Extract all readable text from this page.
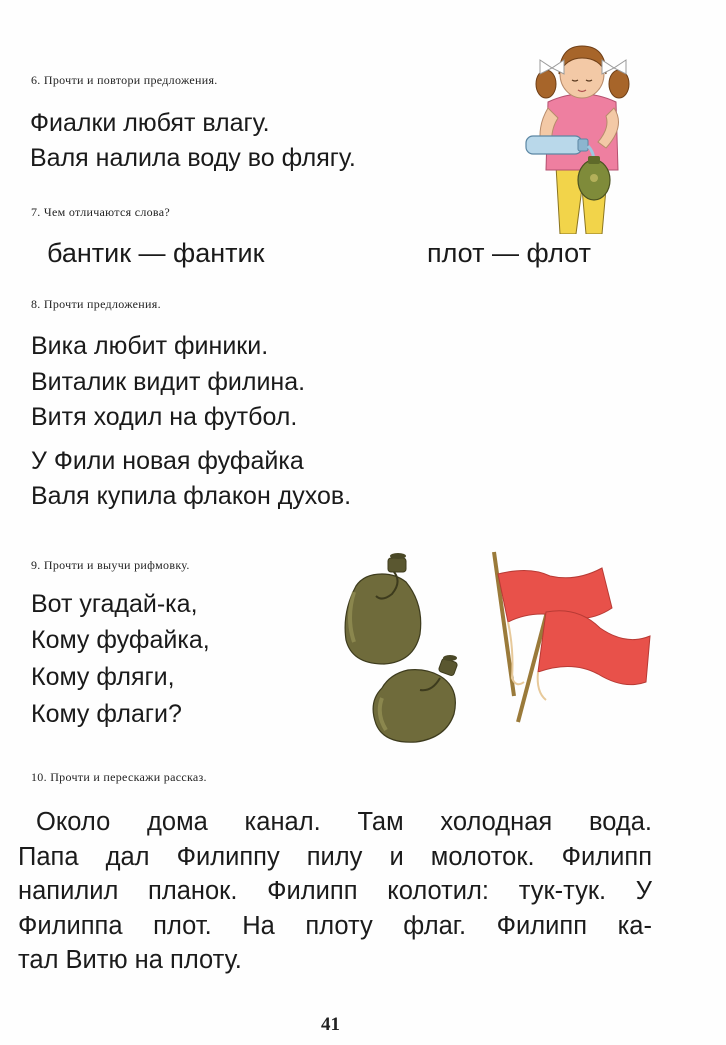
6. Прочти и повтори предложения.
Фиалки любят влагу.
Валя налила воду во флягу.
7. Чем отличаются слова?
бантик — фантик	плот — флот
8. Прочти предложения.
Вика любит финики.
Виталик видит филина.
Витя ходил на футбол.
У Фили новая фуфайка
Валя купила флакон духов.
9. Прочти и выучи рифмовку.
Вот угадай-ка,
Кому фуфайка,
Кому фляги,
Кому флаги?
10. Прочти и перескажи рассказ.
Около дома канал. Там холодная вода.
Папа дал Филиппу пилу и молоток. Филипп
напилил планок. Филипп колотил: тук-тук. У
Филиппа плот. На плоту флаг. Филипп ка-
тал Витю на плоту.
41
